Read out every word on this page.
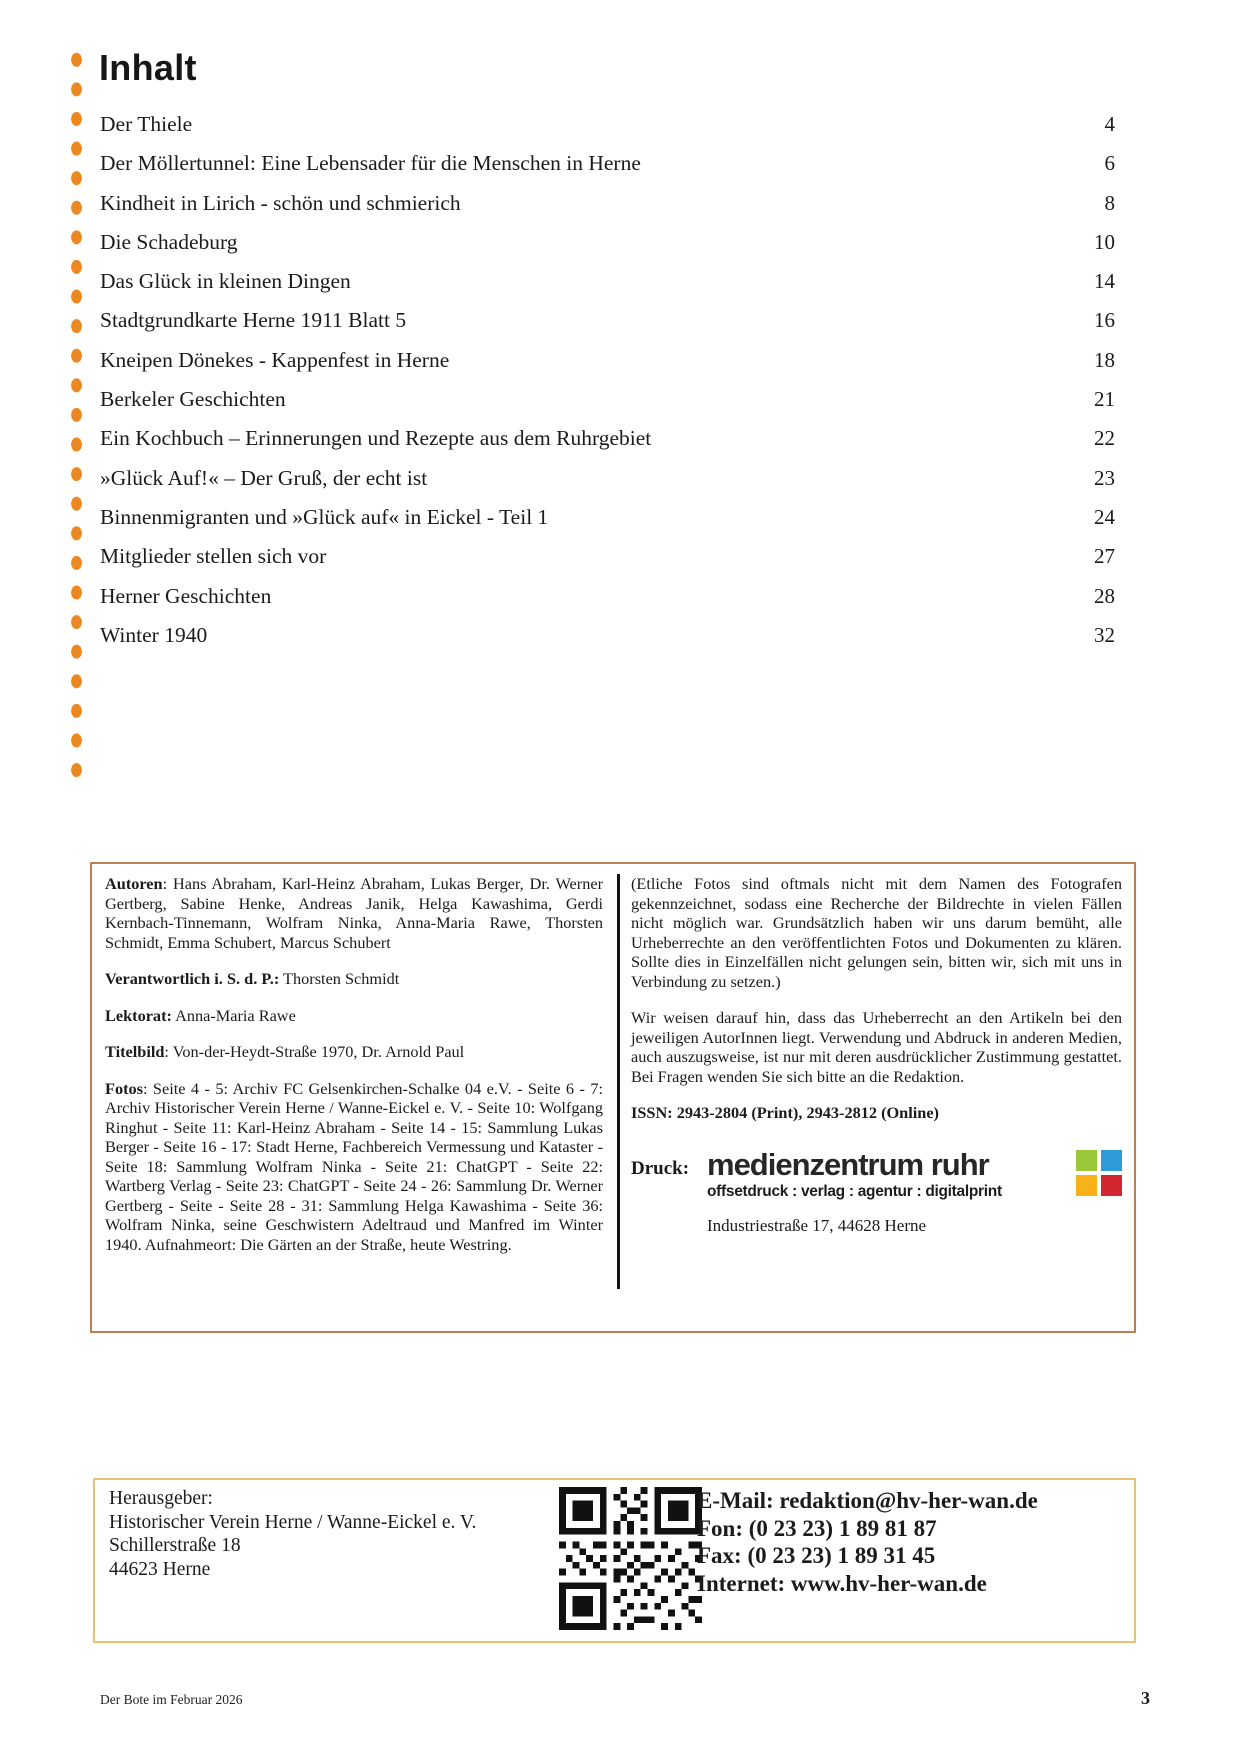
Inhalt
Der Thiele	4
Der Möllertunnel: Eine Lebensader für die Menschen in Herne	6
Kindheit in Lirich - schön und schmierich	8
Die Schadeburg	10
Das Glück in kleinen Dingen	14
Stadtgrundkarte Herne 1911 Blatt 5	16
Kneipen Dönekes - Kappenfest in Herne	18
Berkeler Geschichten	21
Ein Kochbuch – Erinnerungen und Rezepte aus dem Ruhrgebiet	22
»Glück Auf!« – Der Gruß, der echt ist	23
Binnenmigranten und »Glück auf« in Eickel - Teil 1	24
Mitglieder stellen sich vor	27
Herner Geschichten	28
Winter 1940	32

Autoren: Hans Abraham, Karl-Heinz Abraham, Lukas Berger, Dr. Werner Gertberg, Sabine Henke, Andreas Janik, Helga Kawashima, Gerdi Kernbach-Tinnemann, Wolfram Ninka, Anna-Maria Rawe, Thorsten Schmidt, Emma Schubert, Marcus Schubert

Verantwortlich i. S. d. P.: Thorsten Schmidt

Lektorat: Anna-Maria Rawe

Titelbild: Von-der-Heydt-Straße 1970, Dr. Arnold Paul

Fotos: Seite 4 - 5: Archiv FC Gelsenkirchen-Schalke 04 e.V. - Seite 6 - 7: Archiv Historischer Verein Herne / Wanne-Eickel e. V. - Seite 10: Wolfgang Ringhut - Seite 11: Karl-Heinz Abraham - Seite 14 - 15: Sammlung Lukas Berger - Seite 16 - 17: Stadt Herne, Fachbereich Vermessung und Kataster - Seite 18: Sammlung Wolfram Ninka - Seite 21: ChatGPT - Seite 22: Wartberg Verlag - Seite 23: ChatGPT - Seite 24 - 26: Sammlung Dr. Werner Gertberg - Seite - Seite 28 - 31: Sammlung Helga Kawashima - Seite 36: Wolfram Ninka, seine Geschwistern Adeltraud und Manfred im Winter 1940. Aufnahmeort: Die Gärten an der Straße, heute Westring.

(Etliche Fotos sind oftmals nicht mit dem Namen des Fotografen gekennzeichnet, sodass eine Recherche der Bildrechte in vielen Fällen nicht möglich war. Grundsätzlich haben wir uns darum bemüht, alle Urheberrechte an den veröffentlichten Fotos und Dokumenten zu klären. Sollte dies in Einzelfällen nicht gelungen sein, bitten wir, sich mit uns in Verbindung zu setzen.)

Wir weisen darauf hin, dass das Urheberrecht an den Artikeln bei den jeweiligen AutorInnen liegt. Verwendung und Abdruck in anderen Medien, auch auszugsweise, ist nur mit deren ausdrücklicher Zustimmung gestattet. Bei Fragen wenden Sie sich bitte an die Redaktion.

ISSN: 2943-2804 (Print), 2943-2812 (Online)

Druck: medienzentrum ruhr
offsetdruck : verlag : agentur : digitalprint
Industriestraße 17, 44628 Herne
Herausgeber:
Historischer Verein Herne / Wanne-Eickel e. V.
Schillerstraße 18
44623 Herne
E-Mail: redaktion@hv-her-wan.de
Fon: (0 23 23) 1 89 81 87
Fax: (0 23 23) 1 89 31 45
Internet: www.hv-her-wan.de
Der Bote im Februar 2026	3
